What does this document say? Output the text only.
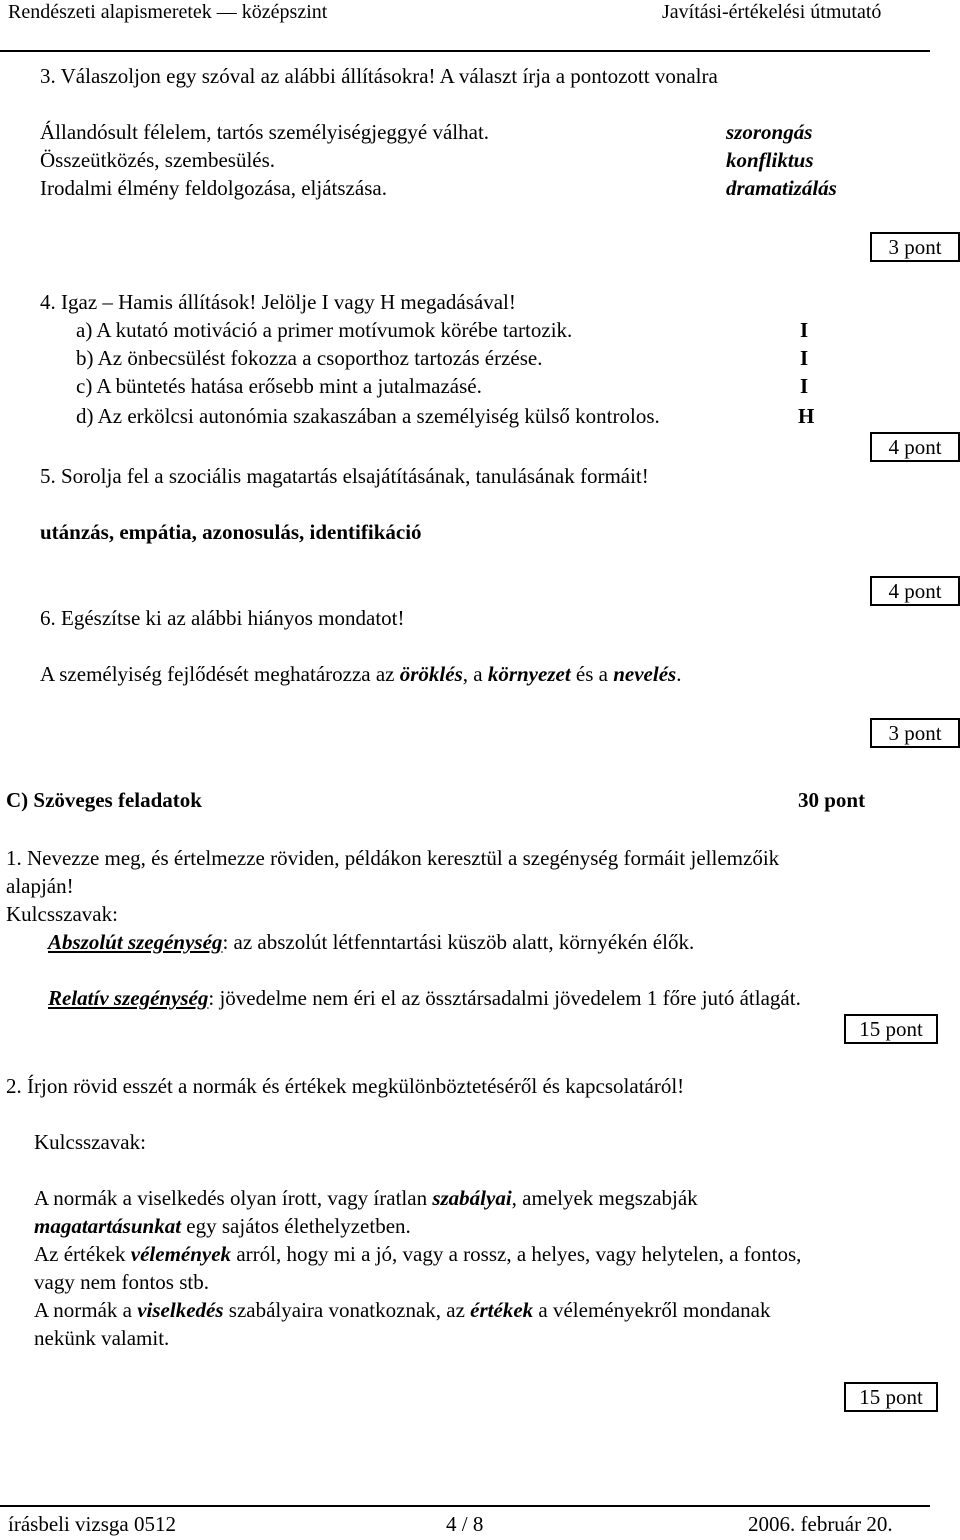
Rendészeti alapismeretek — középszint	Javítási-értékelési útmutató
3. Válaszoljon egy szóval az alábbi állításokra! A választ írja a pontozott vonalra
Állandósult félelem, tartós személyiségjeggyé válhat.	szorongás
Összeütközés, szembesülés.	konfliktus
Irodalmi élmény feldolgozása, eljátszása.	dramatizálás
3 pont
4. Igaz – Hamis állítások! Jelölje I vagy H megadásával!
a) A kutató motiváció a primer motívumok körébe tartozik.	I
b) Az önbecsülést fokozza a csoporthoz tartozás érzése.	I
c) A büntetés hatása erősebb mint a jutalmazásé.	I
d) Az erkölcsi autonómia szakaszában a személyiség külső kontrolos.	H
4 pont
5. Sorolja fel a szociális magatartás elsajátításának, tanulásának formáit!
utánzás, empátia, azonosulás, identifikáció
4 pont
6. Egészítse ki az alábbi hiányos mondatot!
A személyiség fejlődését meghatározza az öröklés, a környezet és a nevelés.
3 pont
C) Szöveges feladatok	30 pont
1. Nevezze meg, és értelmezze röviden, példákon keresztül a szegénység formáit jellemzőik
alapján!
Kulcsszavak:
Abszolút szegénység: az abszolút létfenntartási küszöb alatt, környékén élők.
Relatív szegénység: jövedelme nem éri el az össztársadalmi jövedelem 1 főre jutó átlagát.
15 pont
2. Írjon rövid esszét a normák és értékek megkülönböztetéséről és kapcsolatáról!
Kulcsszavak:
A normák a viselkedés olyan írott, vagy íratlan szabályai, amelyek megszabják
magatartásunkat egy sajátos élethelyzetben.
Az értékek vélemények arról, hogy mi a jó, vagy a rossz, a helyes, vagy helytelen, a fontos,
vagy nem fontos stb.
A normák a viselkedés szabályaira vonatkoznak, az értékek a véleményekről mondanak
nekünk valamit.
15 pont
írásbeli vizsga 0512	4 / 8	2006. február 20.
